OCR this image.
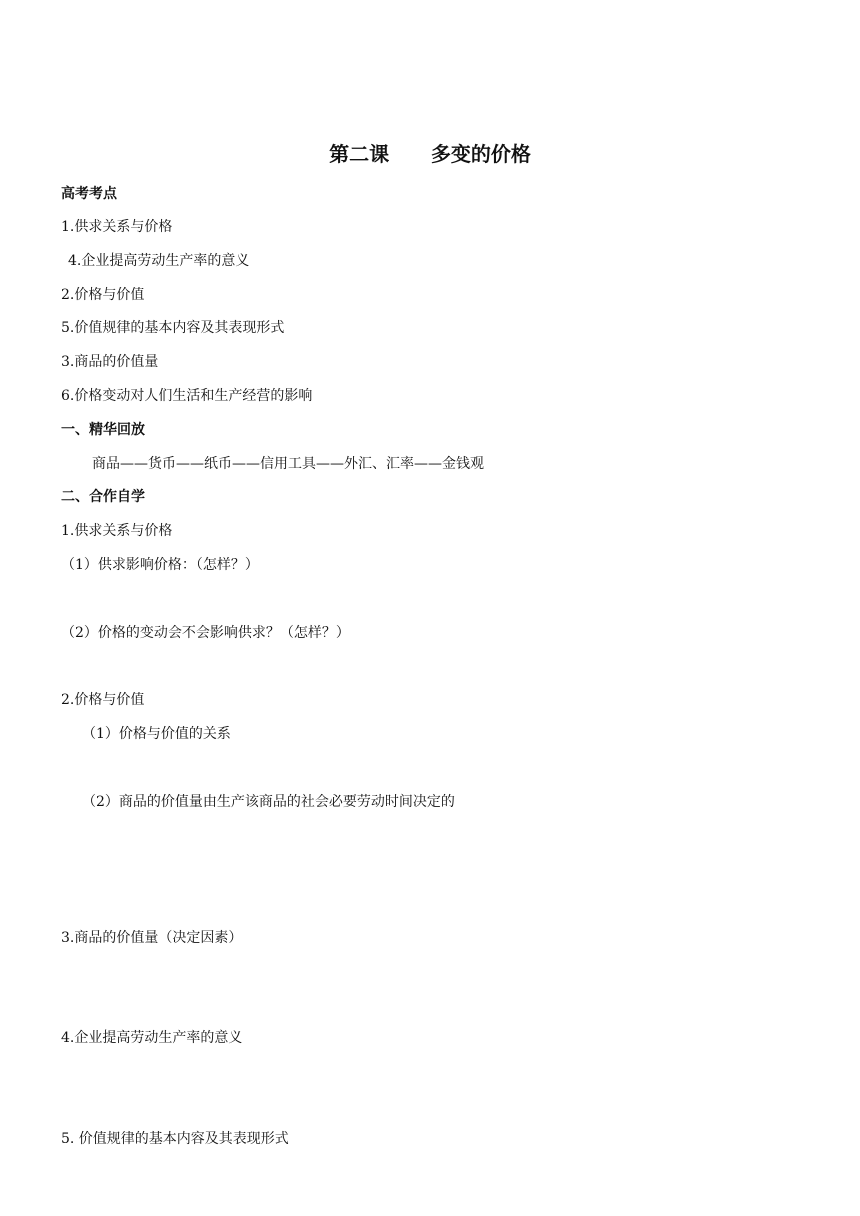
第二课      多变的价格
高考考点
1.供求关系与价格
4.企业提高劳动生产率的意义
2.价格与价值
5.价值规律的基本内容及其表现形式
3.商品的价值量
6.价格变动对人们生活和生产经营的影响
一、精华回放
商品——货币——纸币——信用工具——外汇、汇率——金钱观
二、合作自学
1.供求关系与价格
（1）供求影响价格：（怎样？）
（2）价格的变动会不会影响供求？（怎样？）
2.价格与价值
（1）价格与价值的关系
（2）商品的价值量由生产该商品的社会必要劳动时间决定的
3.商品的价值量（决定因素）
4.企业提高劳动生产率的意义
5. 价值规律的基本内容及其表现形式
